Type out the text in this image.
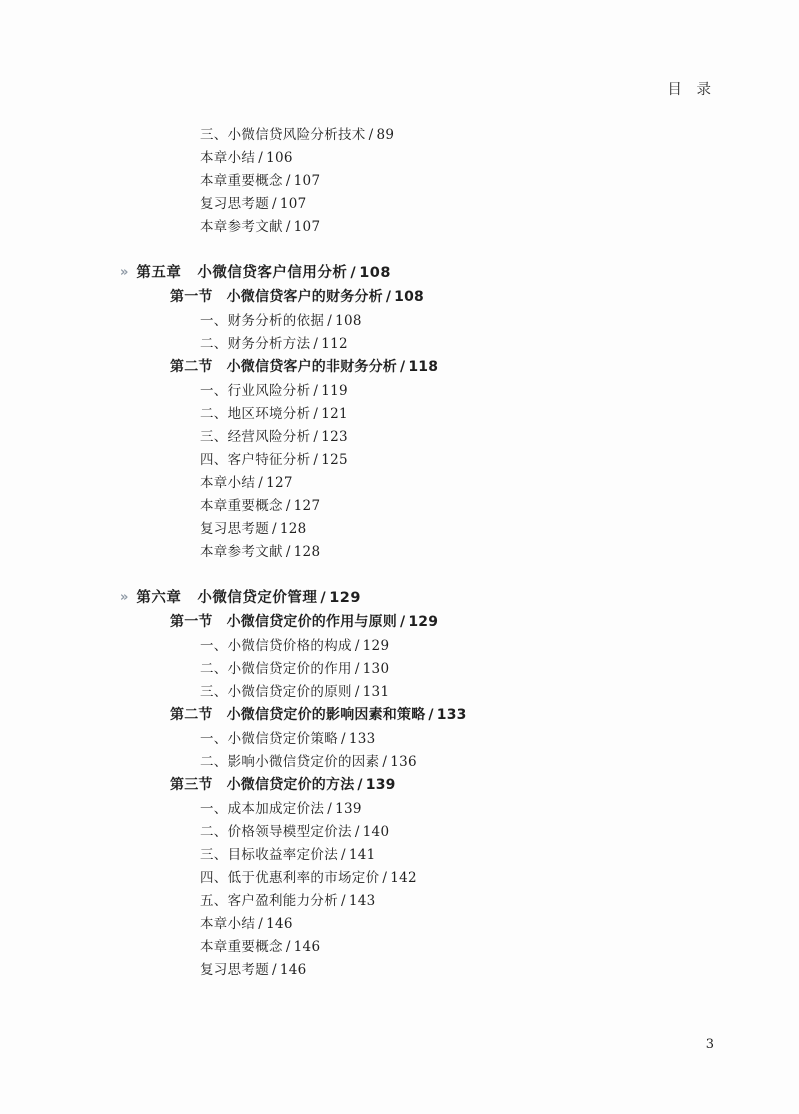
目 录
三、小微信贷风险分析技术 / 89
本章小结 / 106
本章重要概念 / 107
复习思考题 / 107
本章参考文献 / 107
» 第五章 小微信贷客户信用分析 / 108
第一节 小微信贷客户的财务分析 / 108
一、财务分析的依据 / 108
二、财务分析方法 / 112
第二节 小微信贷客户的非财务分析 / 118
一、行业风险分析 / 119
二、地区环境分析 / 121
三、经营风险分析 / 123
四、客户特征分析 / 125
本章小结 / 127
本章重要概念 / 127
复习思考题 / 128
本章参考文献 / 128
» 第六章 小微信贷定价管理 / 129
第一节 小微信贷定价的作用与原则 / 129
一、小微信贷价格的构成 / 129
二、小微信贷定价的作用 / 130
三、小微信贷定价的原则 / 131
第二节 小微信贷定价的影响因素和策略 / 133
一、小微信贷定价策略 / 133
二、影响小微信贷定价的因素 / 136
第三节 小微信贷定价的方法 / 139
一、成本加成定价法 / 139
二、价格领导模型定价法 / 140
三、目标收益率定价法 / 141
四、低于优惠利率的市场定价 / 142
五、客户盈利能力分析 / 143
本章小结 / 146
本章重要概念 / 146
复习思考题 / 146
3
